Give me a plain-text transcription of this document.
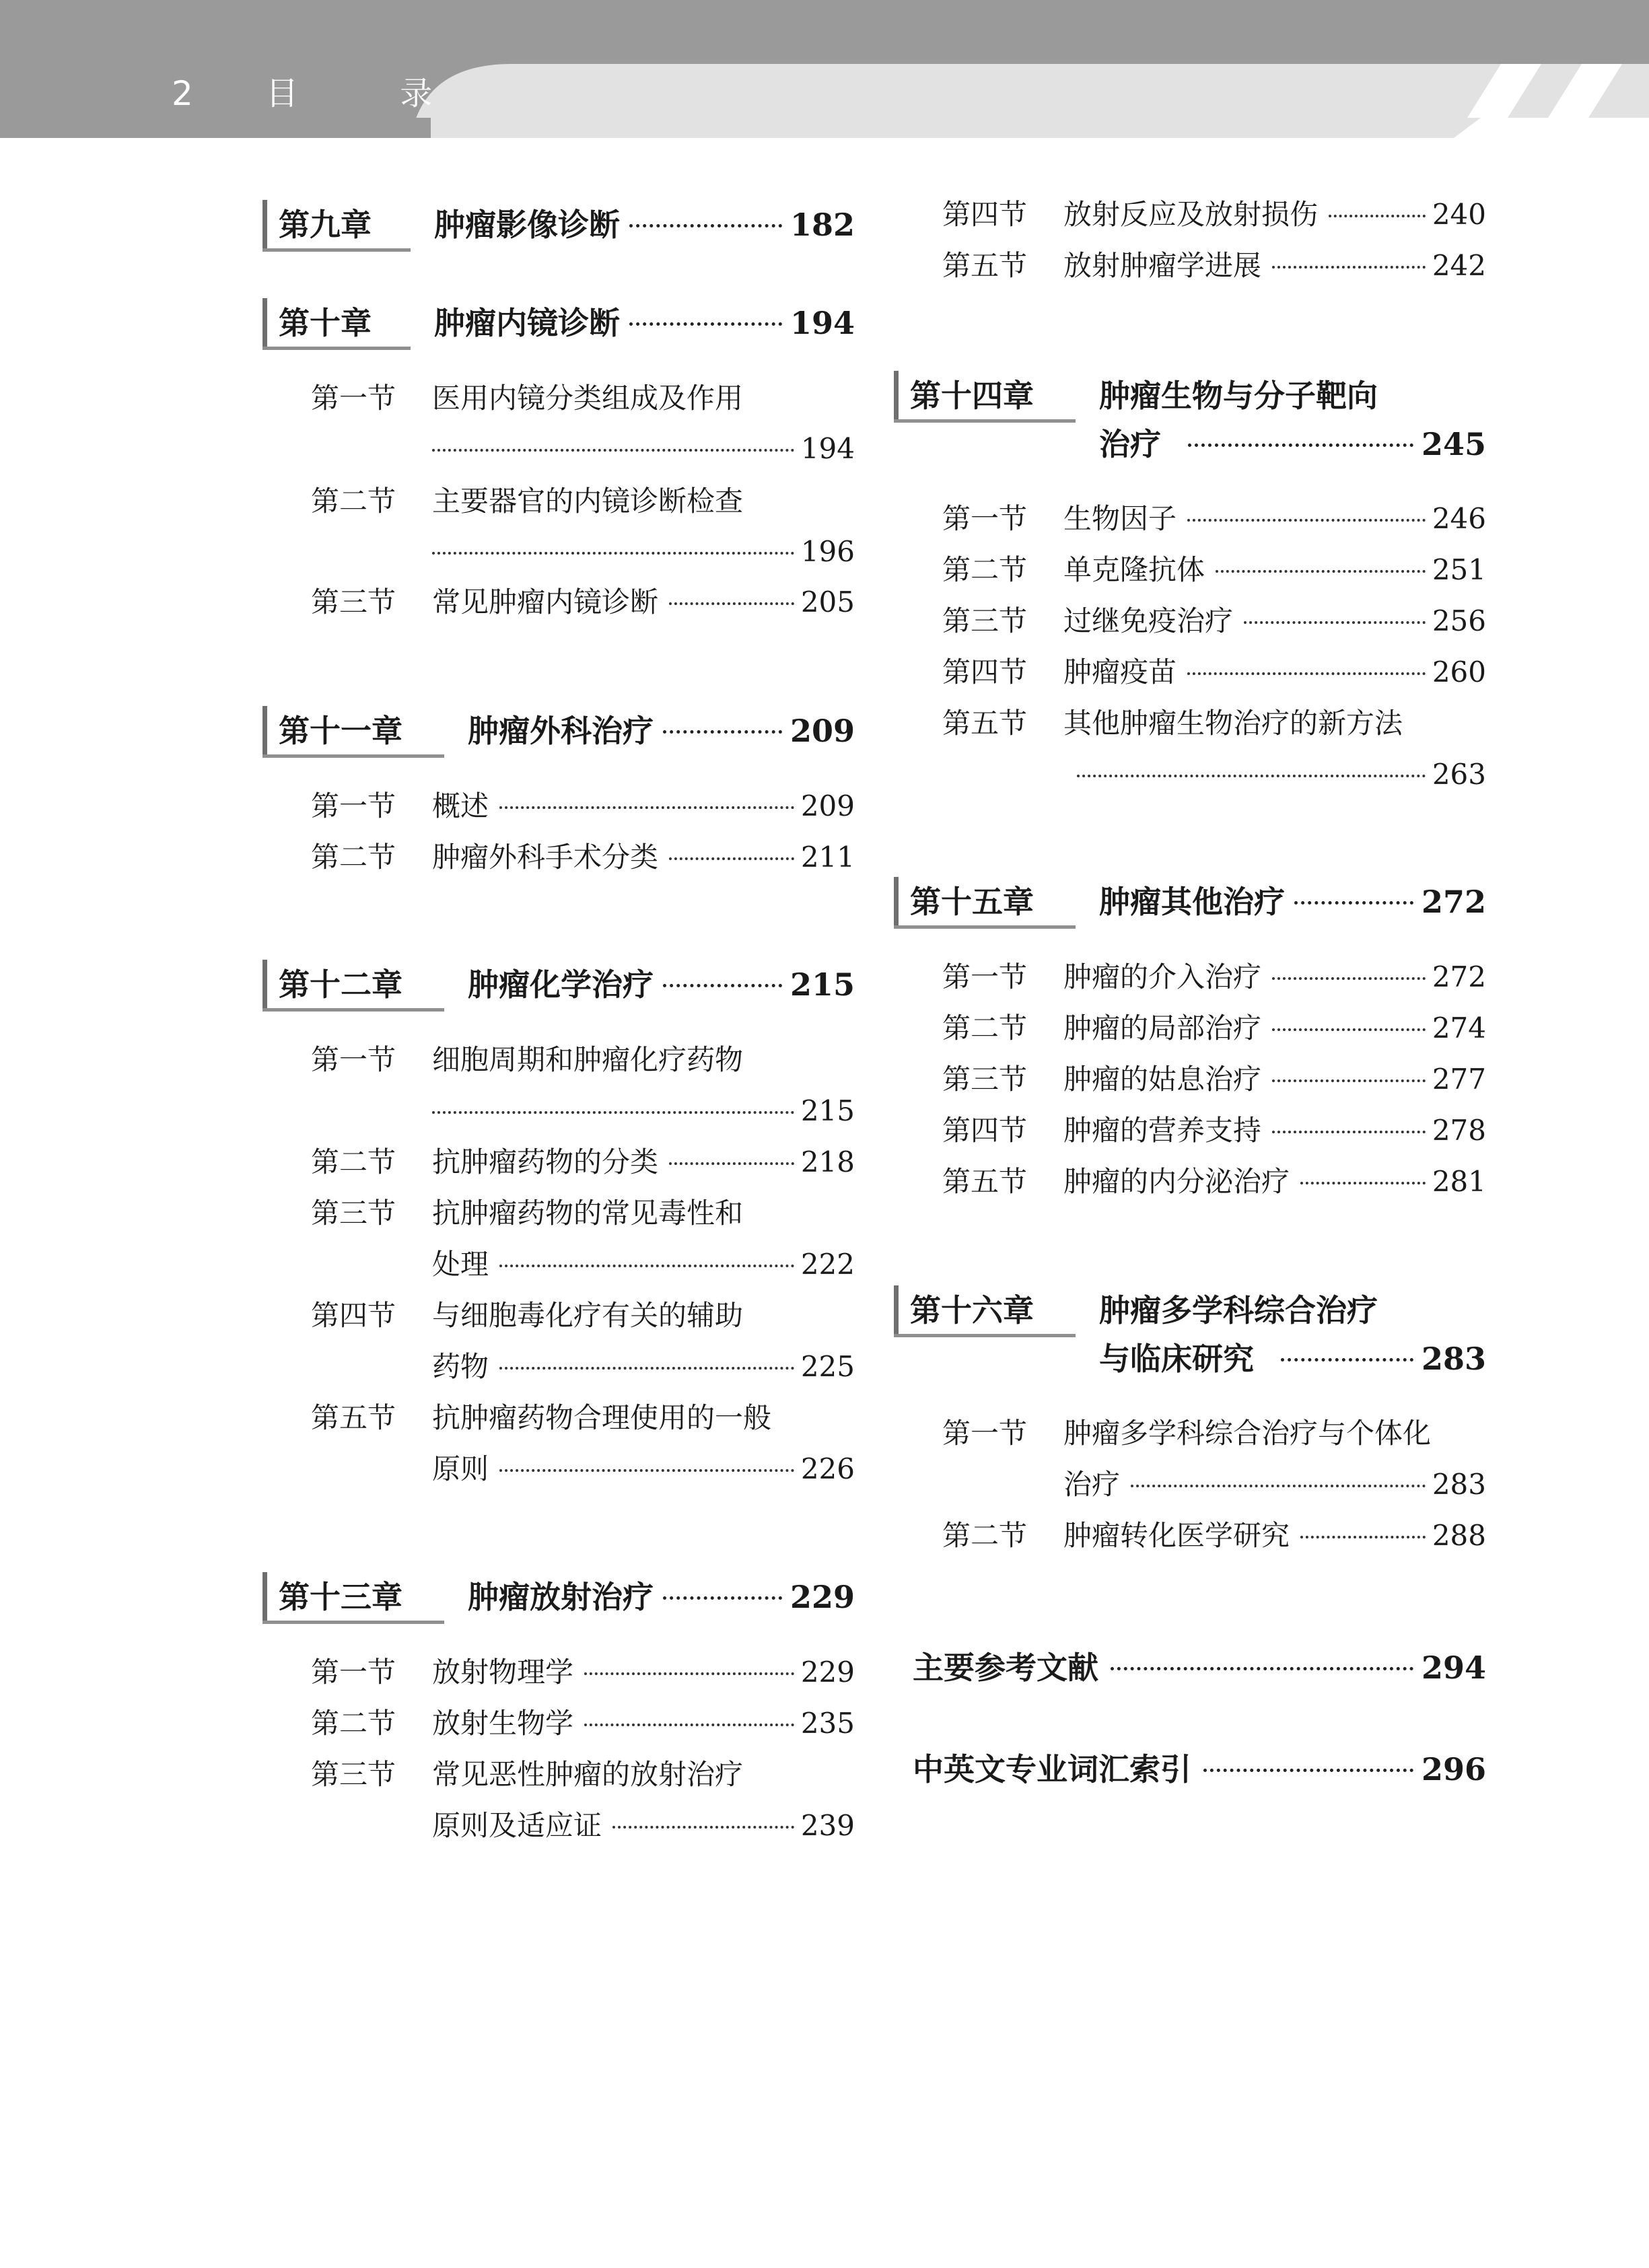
2 目 录
第九章 肿瘤影像诊断	182
第十章 肿瘤内镜诊断	194
第一节 医用内镜分类组成及作用
194
第二节 主要器官的内镜诊断检查
196
第三节 常见肿瘤内镜诊断	205
第十一章 肿瘤外科治疗	209
第一节 概述	209
第二节 肿瘤外科手术分类	211
第十二章 肿瘤化学治疗	215
第一节 细胞周期和肿瘤化疗药物
215
第二节 抗肿瘤药物的分类	218
第三节 抗肿瘤药物的常见毒性和
处理	222
第四节 与细胞毒化疗有关的辅助
药物	225
第五节 抗肿瘤药物合理使用的一般
原则	226
第十三章 肿瘤放射治疗	229
第一节 放射物理学	229
第二节 放射生物学	235
第三节 常见恶性肿瘤的放射治疗
原则及适应证	239
第四节 放射反应及放射损伤	240
第五节 放射肿瘤学进展	242
第十四章 肿瘤生物与分子靶向
治疗	245
第一节 生物因子	246
第二节 单克隆抗体	251
第三节 过继免疫治疗	256
第四节 肿瘤疫苗	260
第五节 其他肿瘤生物治疗的新方法
263
第十五章 肿瘤其他治疗	272
第一节 肿瘤的介入治疗	272
第二节 肿瘤的局部治疗	274
第三节 肿瘤的姑息治疗	277
第四节 肿瘤的营养支持	278
第五节 肿瘤的内分泌治疗	281
第十六章 肿瘤多学科综合治疗
与临床研究	283
第一节 肿瘤多学科综合治疗与个体化
治疗	283
第二节 肿瘤转化医学研究	288
主要参考文献	294
中英文专业词汇索引	296
